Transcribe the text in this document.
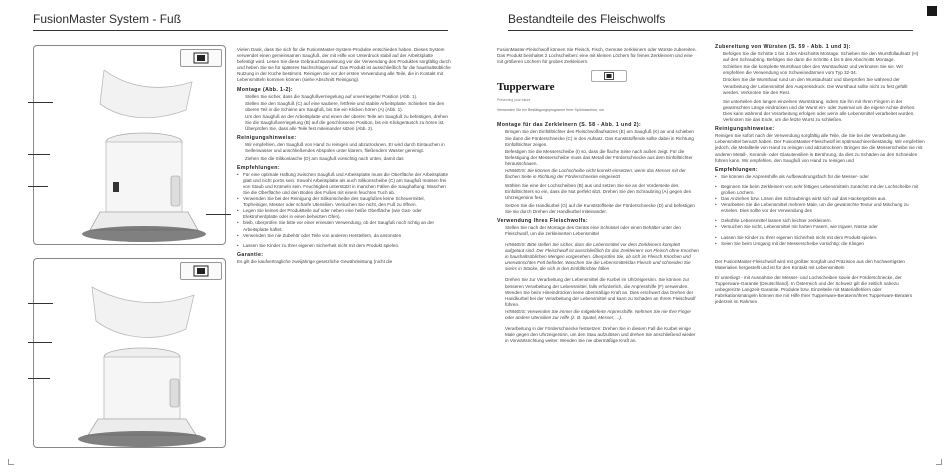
FusionMaster System - Fuß

Vielen Dank, dass Sie sich für die FusionMaster-System-Produkte entschieden haben. Dieses System verwendet einen gemeinsamen Saugfuß, der mit Hilfe von Unterdruck stabil auf der Arbeitsplatte befestigt wird. Lesen Sie diese Gebrauchsanweisung vor der Verwendung des Produktes sorgfältig durch und heben Sie sie für späteres Nachschlagen auf. Das Produkt ist ausschließlich für die haushaltsübliche Nutzung in der Küche bestimmt. Reinigen Sie vor der ersten Verwendung alle Teile, die in Kontakt mit Lebensmitteln kommen können (siehe Abschnitt Reinigung).

Montage (Abb. 1-2):

Stellen Sie sicher, dass die Saugfußverriegelung auf unverriegelter Position (Abb. 1).

Stellen Sie den Saugfuß (C) auf eine saubere, fettfreie und stabile Arbeitsplatte. Schieben Sie den oberen Teil in die Schiene am Saugfuß, bis Sie ein Klicken hören (A) (Abb. 1).

Um den Saugfuß an der Arbeitsplatte und einen der oberen Teile am Saugfuß zu befestigen, drehen Sie die Saugfußverriegelung (B) auf die geschlossene Position, bis ein Klickgeräusch zu hören ist. Überprüfen Sie, dass alle Teile fest miteinander sitzen (Abb. 2).

Reinigungshinweise:

Wir empfehlen, den Saugfuß von Hand zu reinigen und abzutrocknen. Er wird durch Eintauchen in Seifenwasser und anschließendes Abspülen unter klarem, fließendem Wasser gereinigt.

Ziehen Sie die Silikonlasche (D) am Saugfuß vorsichtig nach unten, damit das

Empfehlungen:
• Für eine optimale Haftung zwischen Saugfuß und Arbeitsplatte muss die Oberfläche der Arbeitsplatte glatt und nicht porös sein. Sowohl Arbeitsplatte als auch Silikonscheibe (C) am Saugfuß müssen frei von Staub und Krümeln sein. Feuchtigkeit unterstützt in manchen Fällen die Saughaftung: Waschen Sie die Oberfläche und den Boden des Fußes mit einem feuchten Tuch ab.
• Verwenden Sie bei der Reinigung der Silikonscheibe des Saugfußes keine Scheuermittel, Topfreiniger, Messer oder scharfe Utensilien. Versuchen Sie nicht, den Fuß zu öffnen.
• Legen Sie keines der Produktteile auf oder neben eine heiße Oberfläche (wie Gas- oder Elektroherdplatte oder in einen beheizten Ofen).
• bleib, überprüfen Sie bitte vor einer erneuten Verwendung, ob der Saugfuß noch richtig an der Arbeitsplatte haftet.
• Verwenden Sie nie Zubehör oder Teile von anderen Herstellern, da ansonsten
• Lassen Sie Kinder zu Ihrer eigenen Sicherheit nicht mit dem Produkt spielen.
Garantie:

Es gilt die kaufvertragliche zweijährige gesetzliche Gewährleistung (nicht die

Bestandteile des Fleischwolfs

FusionMaster-Fleischwolf können Sie Fleisch, Fisch, Gemüse zerkleinern oder Würste zubereiten. Das Produkt beinhaltet 2 Lochscheiben: eine mit kleinen Löchern für feines Zerkleinern und eine mit größeren Löchern für grobes Zerkleinern.

Tupperware
Preserving your future

Verwenden Sie ein Bestätigungsprogramm Ihrer Spülmaschine, um

Montage für das Zerkleinern (S. 58 - Abb. 1 und 2):

Bringen Sie den Einfülltrichter des Fleischwolfaufsatzes (E) am Saugfuß (K) an und schieben Sie dann die Förderschnecke (C) in den Aufsatz. Das Kunststoffende sollte dabei in Richtung Einfülltrichter zeigen.

Befestigen Sie die Messerscheibe (I) so, dass die flache Seite nach außen zeigt. Für die Befestigung der Messerscheibe muss das Metall der Förderschnecke aus dem Einfülltrichter herausschauen.

HINWEIS: Sie können die Lochscheibe nicht korrekt einsetzen, wenn das Messer mit der flachen Seite in Richtung der Förderschnecke eingesetzt

Wählen Sie eine der Lochscheiben (B) aus und setzen Sie sie an der Vorderseite des Einfülltrichters so ein, dass die Nut perfekt sitzt. Drehen Sie den Schraubring (A) gegen den Uhrzeigersinn fest.

Setzen Sie die Handkurbel (G) auf die Kunststoffseite der Förderschnecke (D) und befestigen Sie sie durch Drehen der Handkurbel miteinander.

Verwendung Ihres Fleischwolfs:

Stellen Sie nach der Montage des Geräts eine Schüssel oder einen Behälter unter den Fleischwolf, um die zerkleinerten Lebensmittel

HINWEIS: Bitte stellen Sie sicher, dass die Lebensmittel vor dem Zerkleinern komplett aufgetaut sind. Der Fleischwolf ist ausschließlich für das Zerkleinern von Fleisch ohne Knochen in haushaltsüblichen Mengen vorgesehen. Überprüfen Sie, ob sich im Fleisch Knochen und unerwünschtes Fett befindet. Waschen Sie die Lebensmittel/das Fleisch und schneiden Sie sie/es in Stücke, die sich in den Einfülltrichter füllen

Drehen Sie zur Verarbeitung der Lebensmittel die Kurbel im Uhrzeigersinn. Sie können zur besseren Verarbeitung der Lebensmittel, falls erforderlich, die Anpresshilfe (F) verwenden. Wenden Sie beim Hineindrücken keine übermäßige Kraft an. Dies erschwert das Drehen der Handkurbel bei der Verarbeitung der Lebensmittel und kann zu Schäden an Ihrem Fleischwolf führen.

HINWEIS: Verwenden Sie immer die mitgelieferte Anpresshilfe. Nehmen Sie nie Ihre Finger oder andere Utensilien zur Hilfe (z. B. Spatel, Messer, ...).

Verarbeitung in der Förderschnecke festsetzen: Drehen Sie in diesem Fall die Kurbel einige Male gegen den Uhrzeigersinn, um den Stau aufzulösen und drehen Sie anschließend wieder in Vorwärtsrichtung weiter. Wenden Sie nie übermäßige Kraft an.

Zubereitung von Würsten (S. 59 - Abb. 1 und 3):

Befolgen Sie die Schritte 1 bis 3 des Abschnitts Montage. Schieben Sie den Wurstfüllaufsatz (H) auf den Schraubring. Befolgen Sie dann die Schritte 4 bis 5 des Abschnitts Montage.

Schieben Sie die komplette Wursthaut über den Wurstaufsatz und verknoten Sie sie. Wir empfehlen die Verwendung von Schweinedärmen vom Typ 32-34.

Drücken Sie die Wursthaut rund um den Wurstaufsatz und überprüfen Sie während der Verarbeitung der Lebensmittel den Auspressdruck. Die Wursthaut sollte nicht zu fest gefüllt werden. Verknoten Sie den Rest.

Sie unterteilen den langen einzelnen Wurststrang, indem Sie ihn mit Ihren Fingern in der gewünschten Länge eindrücken und die Wurst ein- oder zweimal um die eigene Achse drehen. Dies kann während der Verarbeitung erfolgen oder wenn alle Lebensmittel verarbeitet wurden. Verknoten Sie das Ende, um die letzte Wurst zu schließen.

Reinigungshinweise:

Reinigen Sie sofort nach der Verwendung sorgfältig alle Teile, die Sie bei der Verarbeitung der Lebensmittel benutzt haben. Der FusionMaster-Fleischwolf ist spülmaschinenbeständig. Wir empfehlen jedoch, die Metallteile von Hand zu reinigen und abzutrocknen. Bringen Sie die Messerscheibe nie mit anderen Metall-, Keramik- oder Glasutensilien in Berührung, da dies zu Schäden an den Schneiden führen kann. Wir empfehlen, den Saugfuß von Hand zu reinigen und

Empfehlungen:
• Sie können die Anpresshilfe als Aufbewahrungsfach für die Messer- oder
• Beginnen Sie beim Zerkleinern von sehr fettigen Lebensmitteln zunächst mit der Lochscheibe mit großen Löchern.
• Das Anziehen bzw. Lösen des Schraubrings wirkt sich auf das Hackergebnis aus.
• Verarbeiten Sie die Lebensmittel mehrere Male, um die gewünschte Textur und Mischung zu erzielen. Dies sollte vor der Verwendung des
• Gekühlte Lebensmittel lassen sich leichter zerkleinern.
• Versuchen Sie nicht, Lebensmittel mit harten Fasern, wie Ingwer, Nüsse oder
• Lassen Sie Kinder zu Ihrer eigenen Sicherheit nicht mit dem Produkt spielen.
• Seien Sie beim Umgang mit der Messerscheibe vorsichtig: die Klingen

Der FusionMaster-Fleischwolf wird mit größter Sorgfalt und Präzision aus den hochwertigsten Materialien hergestellt und ist für den Kontakt mit Lebensmitteln

Er unterliegt - mit Ausnahme der Messer- und Lochscheiben sowie der Förderschnecke, der Tupperware-Garantie (Deutschland). In Österreich und der Schweiz gilt die zeitlich nahezu unbegrenzte Langzeit-Garantie. Produkte bzw. Einzelteile mit Materialfehlern oder Fabrikationsmängeln können Sie mit Hilfe Ihrer Tupperware-Beraterin/Ihres Tupperware-Beraters jederzeit im Rahmen
